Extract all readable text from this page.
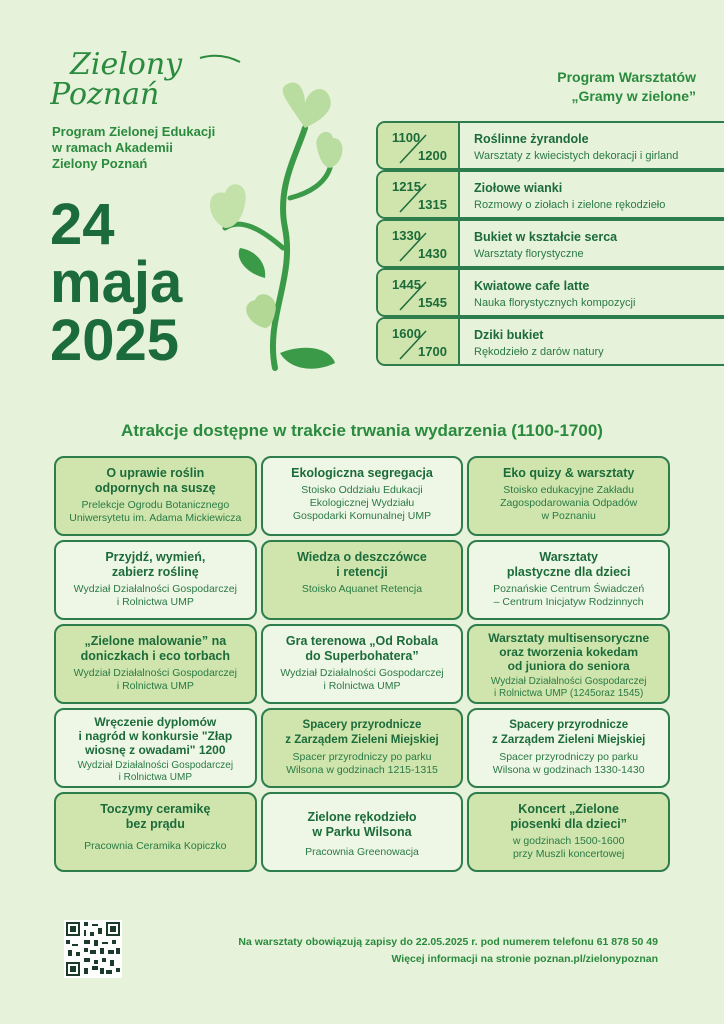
Zielony
Poznań
Program Zielonej Edukacji
w ramach Akademii
Zielony Poznań
24
maja
2025
Program Warsztatów
„Gramy w zielone”
1100
1200
Roślinne żyrandole
Warsztaty z kwiecistych dekoracji i girland
1215
1315
Ziołowe wianki
Rozmowy o ziołach i zielone rękodzieło
1330
1430
Bukiet w kształcie serca
Warsztaty florystyczne
1445
1545
Kwiatowe cafe latte
Nauka florystycznych kompozycji
1600
1700
Dziki bukiet
Rękodzieło z darów natury
Atrakcje dostępne w trakcie trwania wydarzenia (1100-1700)
O uprawie roślin
odpornych na suszę
Prelekcje Ogrodu Botanicznego
Uniwersytetu im. Adama Mickiewicza
Ekologiczna segregacja
Stoisko Oddziału Edukacji
Ekologicznej Wydziału
Gospodarki Komunalnej UMP
Eko quizy & warsztaty
Stoisko edukacyjne Zakładu
Zagospodarowania Odpadów
w Poznaniu
Przyjdź, wymień,
zabierz roślinę
Wydział Działalności Gospodarczej
i Rolnictwa UMP
Wiedza o deszczówce
i retencji
Stoisko Aquanet Retencja
Warsztaty
plastyczne dla dzieci
Poznańskie Centrum Świadczeń
– Centrum Inicjatyw Rodzinnych
„Zielone malowanie” na
doniczkach i eco torbach
Wydział Działalności Gospodarczej
i Rolnictwa UMP
Gra terenowa „Od Robala
do Superbohatera”
Wydział Działalności Gospodarczej
i Rolnictwa UMP
Warsztaty multisensoryczne
oraz tworzenia kokedam
od juniora do seniora
Wydział Działalności Gospodarczej
i Rolnictwa UMP (1245oraz 1545)
Wręczenie dyplomów
i nagród w konkursie "Złap
wiosnę z owadami" 1200
Wydział Działalności Gospodarczej
i Rolnictwa UMP
Spacery przyrodnicze
z Zarządem Zieleni Miejskiej
Spacer przyrodniczy po parku
Wilsona w godzinach 1215-1315
Spacery przyrodnicze
z Zarządem Zieleni Miejskiej
Spacer przyrodniczy po parku
Wilsona w godzinach 1330-1430
Toczymy ceramikę
bez prądu
Pracownia Ceramika Kopiczko
Zielone rękodzieło
w Parku Wilsona
Pracownia Greenowacja
Koncert „Zielone
piosenki dla dzieci”
w godzinach 1500-1600
przy Muszli koncertowej
Na warsztaty obowiązują zapisy do 22.05.2025 r. pod numerem telefonu 61 878 50 49
Więcej informacji na stronie poznan.pl/zielonypoznan
